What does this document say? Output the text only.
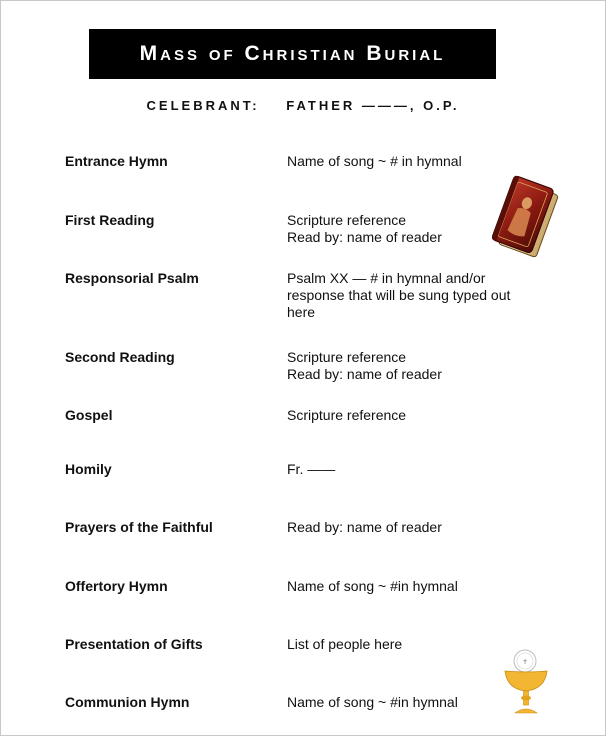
Mass of Christian Burial
CELEBRANT: FATHER ———, O.P.
Entrance Hymn	Name of song ~ # in hymnal
First Reading	Scripture reference
Read by: name of reader
Responsorial Psalm	Psalm XX — # in hymnal and/or response that will be sung typed out here
Second Reading	Scripture reference
Read by: name of reader
Gospel	Scripture reference
Homily	Fr. ——
Prayers of the Faithful	Read by: name of reader
Offertory Hymn	Name of song ~ #in hymnal
Presentation of Gifts	List of people here
Communion Hymn	Name of song ~ #in hymnal
✝
